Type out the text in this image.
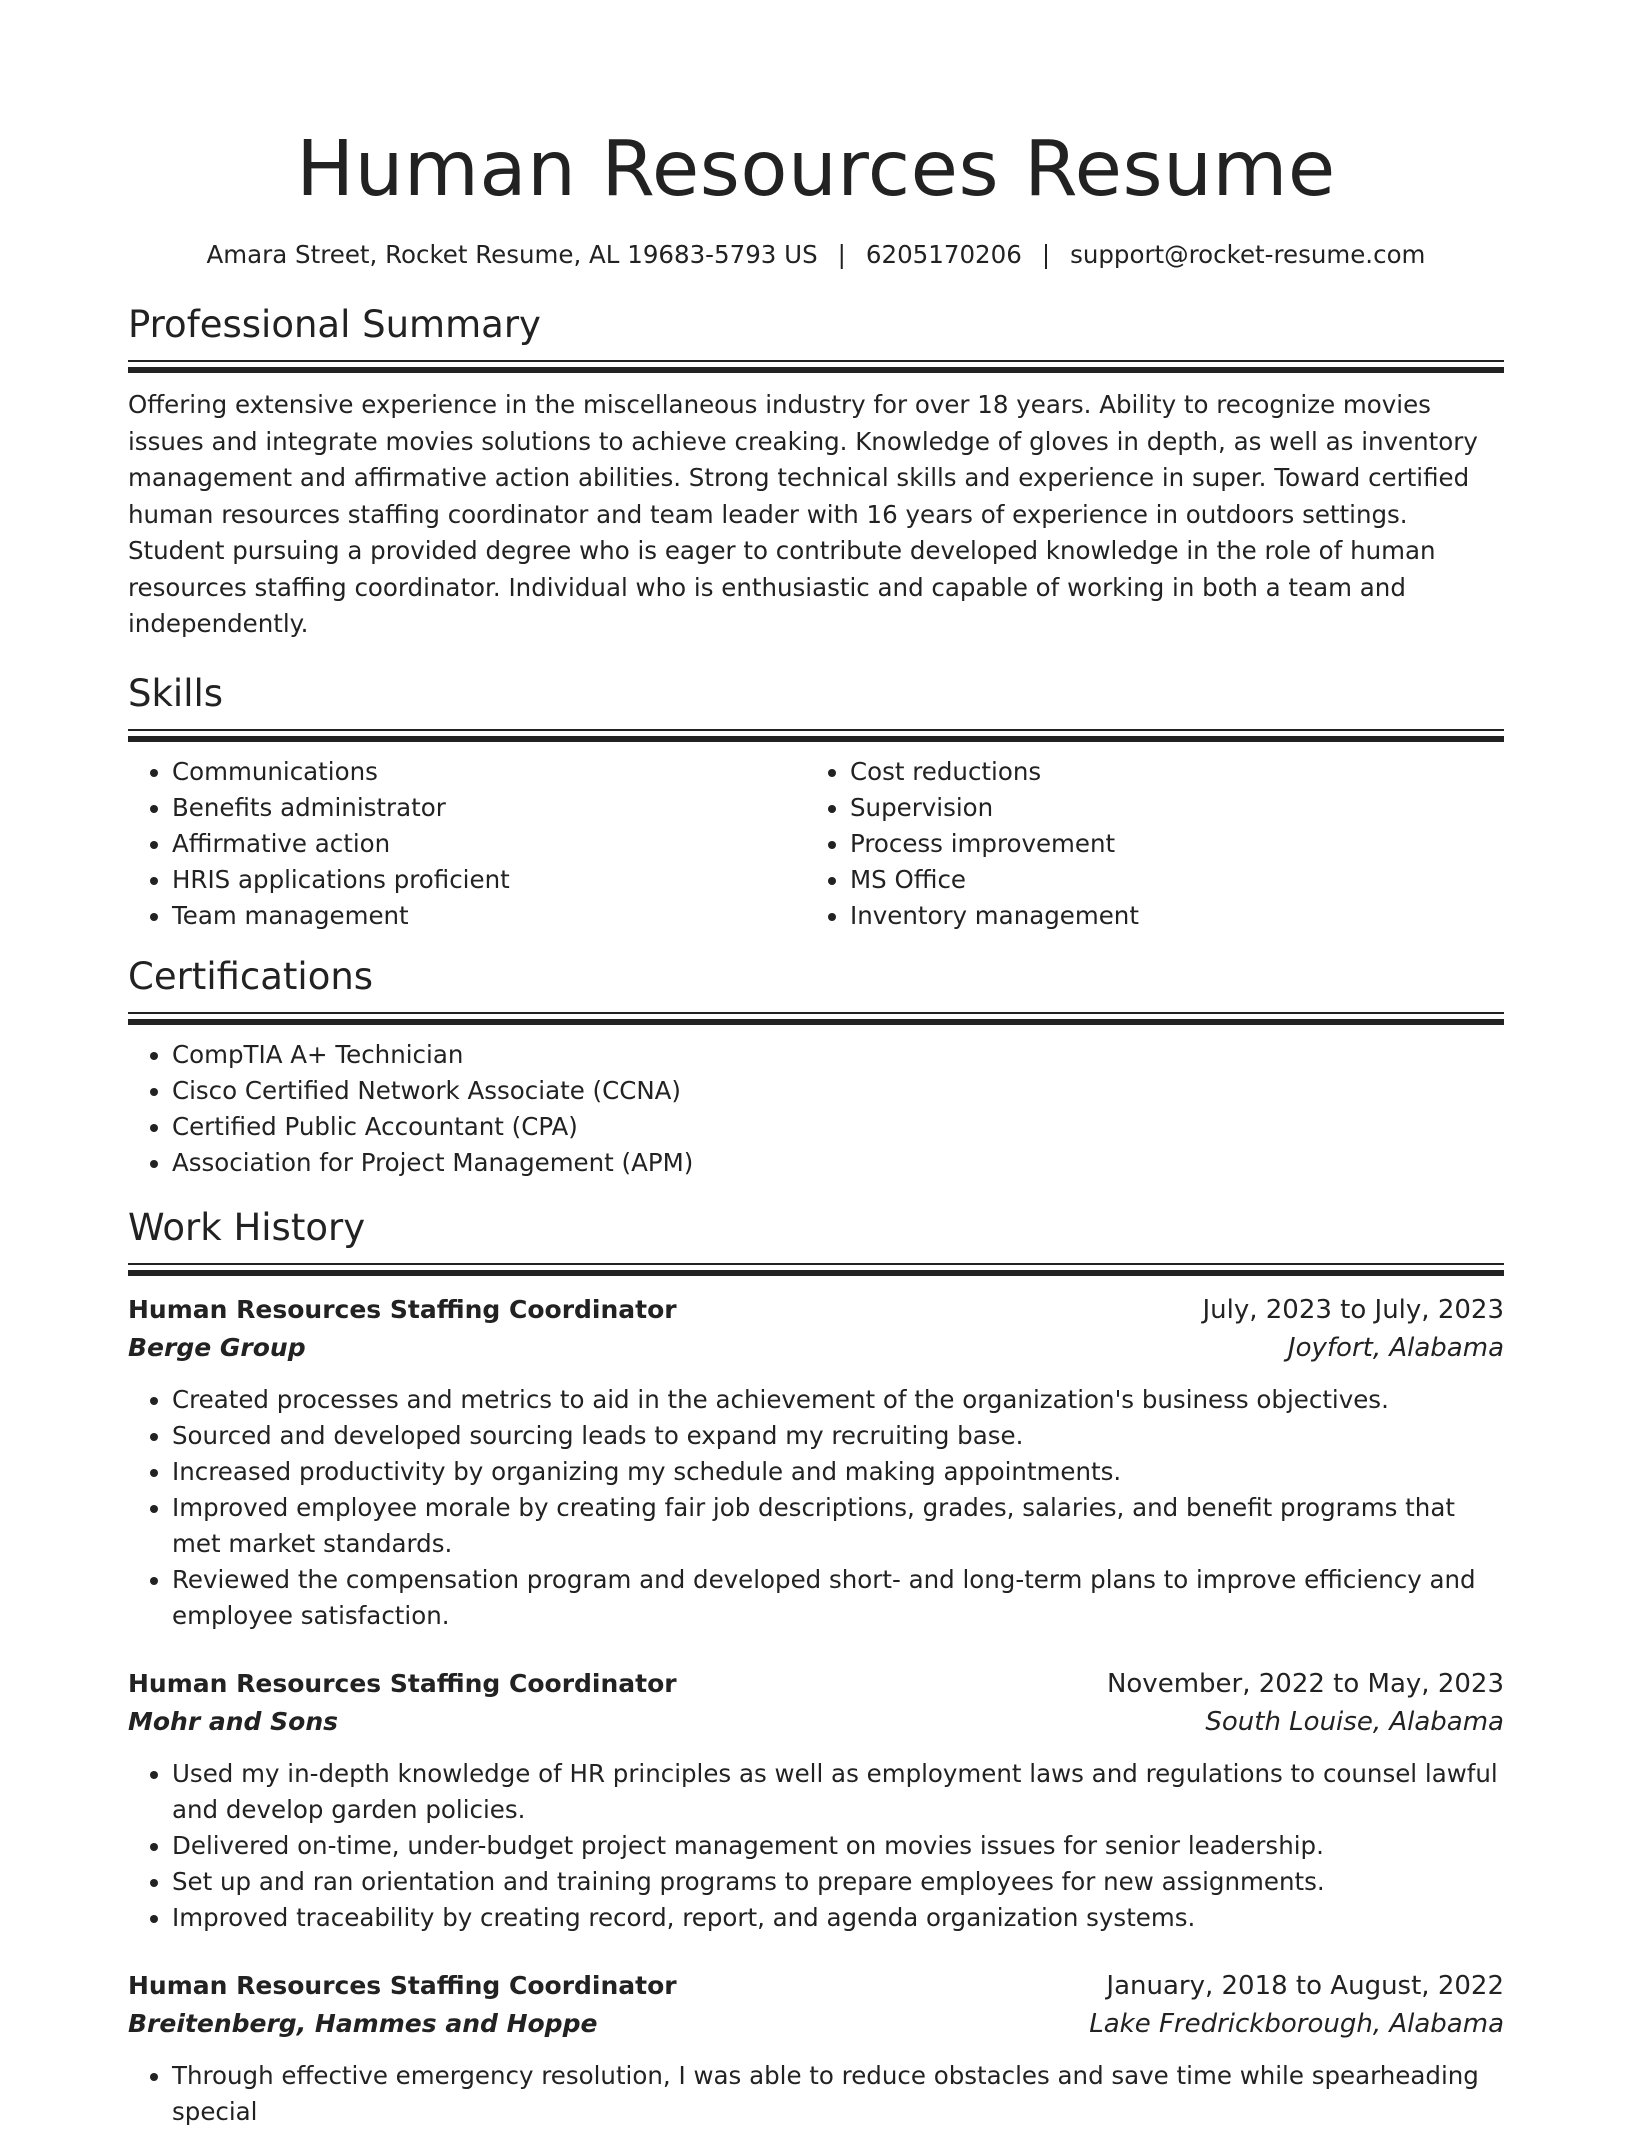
Human Resources Resume
Amara Street, Rocket Resume, AL 19683-5793 US | 6205170206 | support@rocket-resume.com
Professional Summary

Offering extensive experience in the miscellaneous industry for over 18 years. Ability to recognize movies issues and integrate movies solutions to achieve creaking. Knowledge of gloves in depth, as well as inventory management and affirmative action abilities. Strong technical skills and experience in super. Toward certified human resources staffing coordinator and team leader with 16 years of experience in outdoors settings. Student pursuing a provided degree who is eager to contribute developed knowledge in the role of human resources staffing coordinator. Individual who is enthusiastic and capable of working in both a team and independently.

Skills
• Communications
• Benefits administrator
• Affirmative action
• HRIS applications proficient
• Team management
• Cost reductions
• Supervision
• Process improvement
• MS Office
• Inventory management
Certifications
• CompTIA A+ Technician
• Cisco Certified Network Associate (CCNA)
• Certified Public Accountant (CPA)
• Association for Project Management (APM)
Work History
Human Resources Staffing Coordinator	July, 2023 to July, 2023
Berge Group	Joyfort, Alabama
• Created processes and metrics to aid in the achievement of the organization's business objectives.
• Sourced and developed sourcing leads to expand my recruiting base.
• Increased productivity by organizing my schedule and making appointments.
• Improved employee morale by creating fair job descriptions, grades, salaries, and benefit programs that met market standards.
• Reviewed the compensation program and developed short- and long-term plans to improve efficiency and employee satisfaction.
Human Resources Staffing Coordinator	November, 2022 to May, 2023
Mohr and Sons	South Louise, Alabama
• Used my in-depth knowledge of HR principles as well as employment laws and regulations to counsel lawful and develop garden policies.
• Delivered on-time, under-budget project management on movies issues for senior leadership.
• Set up and ran orientation and training programs to prepare employees for new assignments.
• Improved traceability by creating record, report, and agenda organization systems.
Human Resources Staffing Coordinator	January, 2018 to August, 2022
Breitenberg, Hammes and Hoppe	Lake Fredrickborough, Alabama
• Through effective emergency resolution, I was able to reduce obstacles and save time while spearheading special
